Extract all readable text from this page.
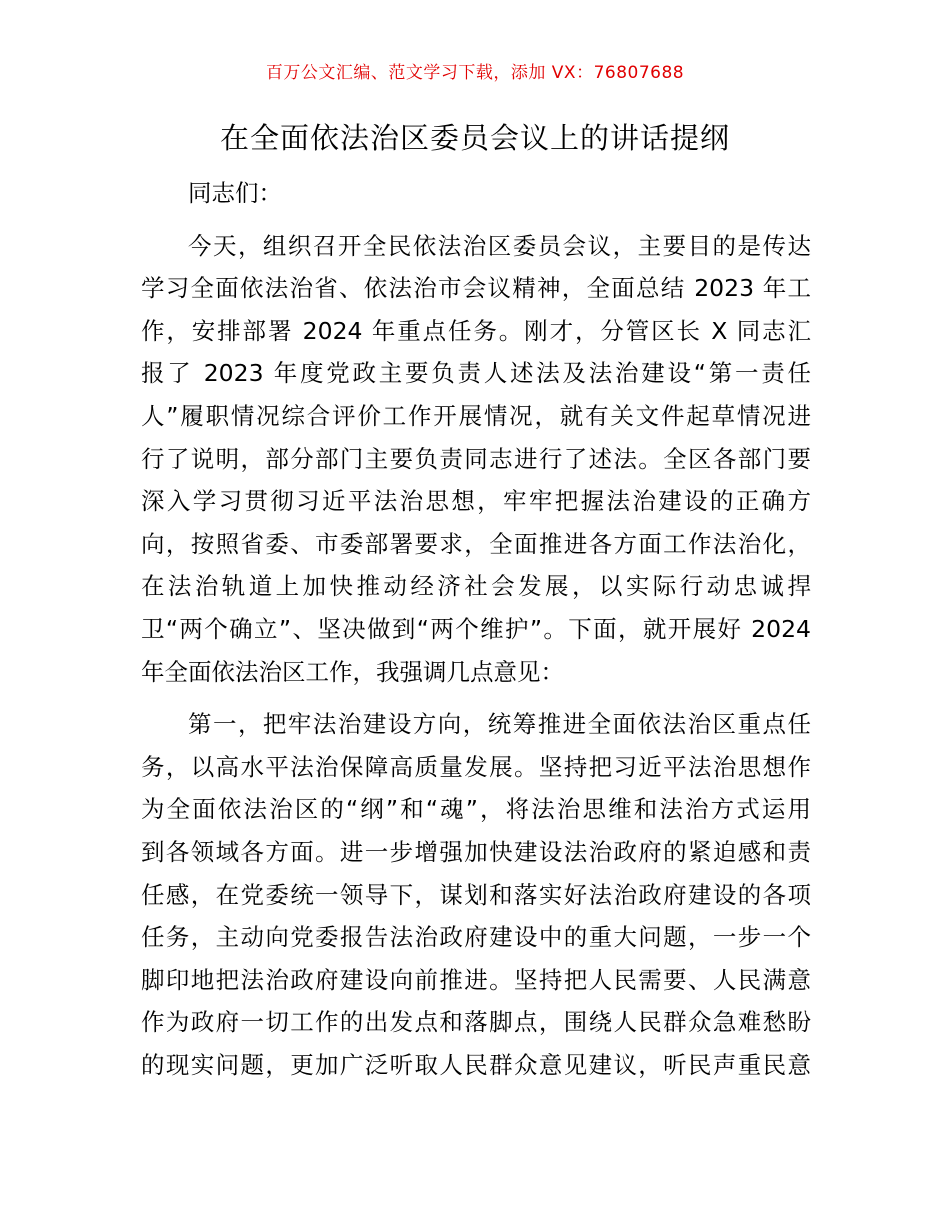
百万公文汇编、范文学习下载，添加 VX：76807688
在全面依法治区委员会议上的讲话提纲
同志们：
今天，组织召开全民依法治区委员会议，主要目的是传达
学习全面依法治省、依法治市会议精神，全面总结 2023 年工
作，安排部署 2024 年重点任务。刚才，分管区长 X 同志汇
报了 2023 年度党政主要负责人述法及法治建设“第一责任
人”履职情况综合评价工作开展情况，就有关文件起草情况进
行了说明，部分部门主要负责同志进行了述法。全区各部门要
深入学习贯彻习近平法治思想，牢牢把握法治建设的正确方
向，按照省委、市委部署要求，全面推进各方面工作法治化，
在法治轨道上加快推动经济社会发展，以实际行动忠诚捍
卫“两个确立”、坚决做到“两个维护”。下面，就开展好 2024
年全面依法治区工作，我强调几点意见：
第一，把牢法治建设方向，统筹推进全面依法治区重点任
务，以高水平法治保障高质量发展。坚持把习近平法治思想作
为全面依法治区的“纲”和“魂”，将法治思维和法治方式运用
到各领域各方面。进一步增强加快建设法治政府的紧迫感和责
任感，在党委统一领导下，谋划和落实好法治政府建设的各项
任务，主动向党委报告法治政府建设中的重大问题，一步一个
脚印地把法治政府建设向前推进。坚持把人民需要、人民满意
作为政府一切工作的出发点和落脚点，围绕人民群众急难愁盼
的现实问题，更加广泛听取人民群众意见建议，听民声重民意
